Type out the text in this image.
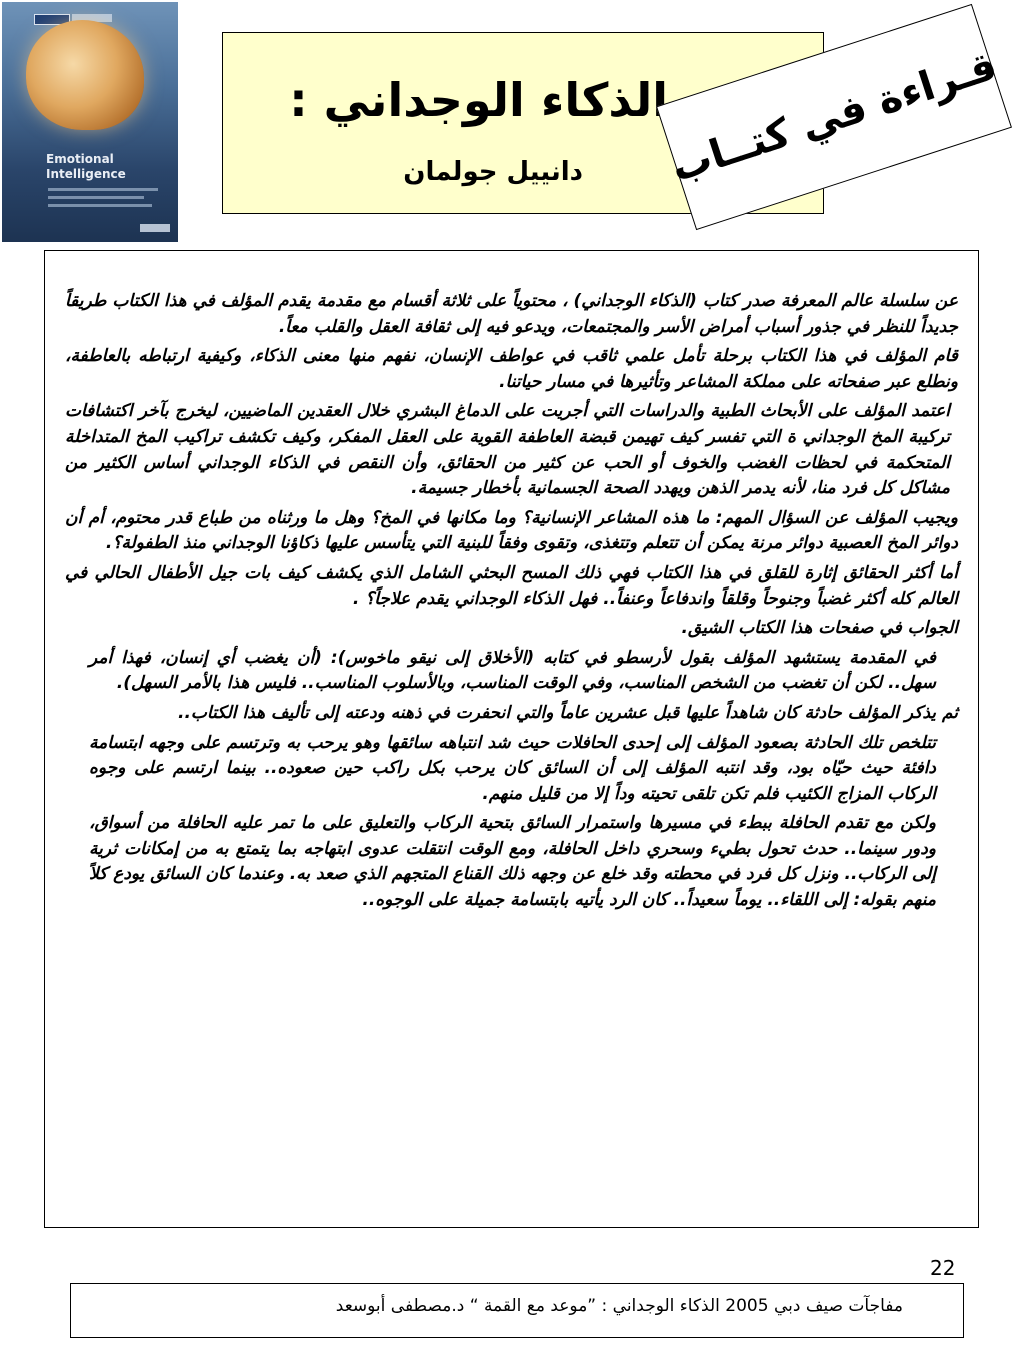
Emotional
Intelligence
الذكاء الوجداني :
دانييل جولمان قـراءة في كتــاب

عن سلسلة عالم المعرفة صدر كتاب (الذكاء الوجداني) ، محتوياً على ثلاثة أقسام مع مقدمة يقدم المؤلف في هذا الكتاب طريقاً جديداً للنظر في جذور أسباب أمراض الأسر والمجتمعات، ويدعو فيه إلى ثقافة العقل والقلب معاً.

قام المؤلف في هذا الكتاب برحلة تأمل علمي ثاقب في عواطف الإنسان، نفهم منها معنى الذكاء، وكيفية ارتباطه بالعاطفة، ونطلع عبر صفحاته على مملكة المشاعر وتأثيرها في مسار حياتنا.

اعتمد المؤلف على الأبحاث الطبية والدراسات التي أجريت على الدماغ البشري خلال العقدين الماضيين، ليخرج بآخر اكتشافات تركيبة المخ الوجداني ة التي تفسر كيف تهيمن قبضة العاطفة القوية على العقل المفكر، وكيف تكشف تراكيب المخ المتداخلة المتحكمة في لحظات الغضب والخوف أو الحب عن كثير من الحقائق، وأن النقص في الذكاء الوجداني أساس الكثير من مشاكل كل فرد منا، لأنه يدمر الذهن ويهدد الصحة الجسمانية بأخطار جسيمة.

ويجيب المؤلف عن السؤال المهم: ما هذه المشاعر الإنسانية؟ وما مكانها في المخ؟ وهل ما ورثناه من طباع قدر محتوم، أم أن دوائر المخ العصبية دوائر مرنة يمكن أن تتعلم وتتغذى، وتقوى وفقاً للبنية التي يتأسس عليها ذكاؤنا الوجداني منذ الطفولة؟.

أما أكثر الحقائق إثارة للقلق في هذا الكتاب فهي ذلك المسح البحثي الشامل الذي يكشف كيف بات جيل الأطفال الحالي في العالم كله أكثر غضباً وجنوحاً وقلقاً واندفاعاً وعنفاً.. فهل الذكاء الوجداني يقدم علاجاً؟ .

الجواب في صفحات هذا الكتاب الشيق.

في المقدمة يستشهد المؤلف بقول لأرسطو في كتابه (الأخلاق إلى نيقو ماخوس): (أن يغضب أي إنسان، فهذا أمر سهل.. لكن أن تغضب من الشخص المناسب، وفي الوقت المناسب، وبالأسلوب المناسب.. فليس هذا بالأمر السهل).

ثم يذكر المؤلف حادثة كان شاهداً عليها قبل عشرين عاماً والتي انحفرت في ذهنه ودعته إلى تأليف هذا الكتاب..

تتلخص تلك الحادثة بصعود المؤلف إلى إحدى الحافلات حيث شد انتباهه سائقها وهو يرحب به وترتسم على وجهه ابتسامة دافئة حيث حيّاه بود، وقد انتبه المؤلف إلى أن السائق كان يرحب بكل راكب حين صعوده.. بينما ارتسم على وجوه الركاب المزاج الكئيب فلم تكن تلقى تحيته وداً إلا من قليل منهم.

ولكن مع تقدم الحافلة ببطء في مسيرها واستمرار السائق بتحية الركاب والتعليق على ما تمر عليه الحافلة من أسواق، ودور سينما.. حدث تحول بطيء وسحري داخل الحافلة، ومع الوقت انتقلت عدوى ابتهاجه بما يتمتع به من إمكانات ثرية إلى الركاب.. ونزل كل فرد في محطته وقد خلع عن وجهه ذلك القناع المتجهم الذي صعد به. وعندما كان السائق يودع كلاً منهم بقوله: إلى اللقاء.. يوماً سعيداً.. كان الرد يأتيه بابتسامة جميلة على الوجوه..

22
مفاجآت صيف دبي 2005 الذكاء الوجداني : ”موعد مع القمة “ د.مصطفى أبوسعد
